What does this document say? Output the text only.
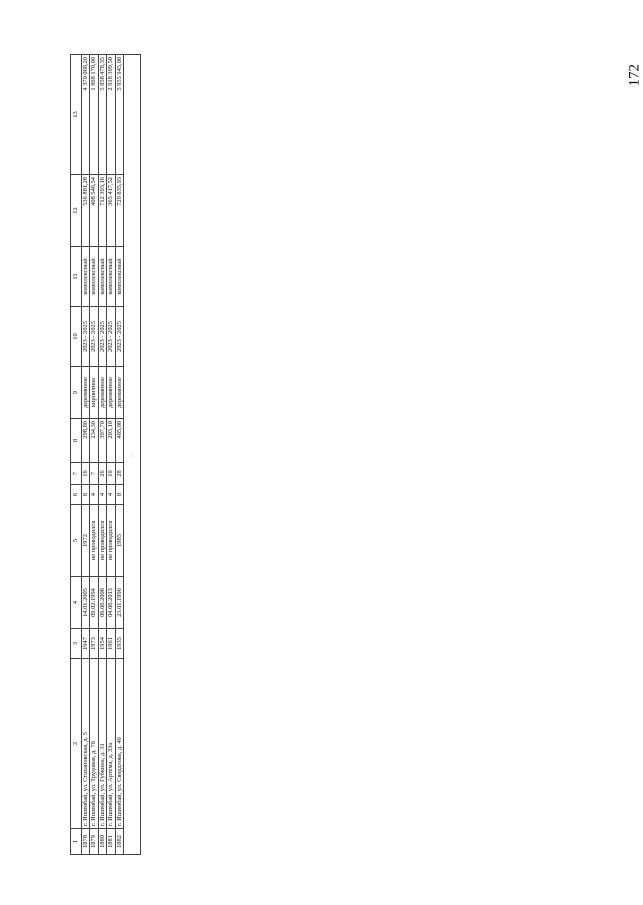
172
1	2	3	4	5	6	7	8	9	10	11	12	13
1878	г. Ишимбай, ул. Стахановская, д. 5	1947	14.01.2005	1972	8	16	298,80	деревянное	2023 - 2025	комплексный	536 881,28	4 370 068,20
1879	г. Ишимбай, ул. Трудовая, д. 70	1973	09.02.1994	не проводился	4	7	234,30	кирпичное	2023 - 2025	комплексный	408 546,54	1 868 170,00
1880	г. Ишимбай, ул. Губкина, д. 31	1954	06.06.2008	не проводился	4	26	397,70	деревянное	2023 - 2025	комплексный	712 393,16	5 858 478,35
1881	г. Ишимбай, ул. Артема, д. 33а	1961	04.06.2013	не проводился	4	10	203,10	деревянное	2023 - 2025	комплексный	365 417,52	2 918 399,50
1882	г. Ишимбай, ул. Свердлова, д. 40	1935	23.01.1996	1985	8	28	405,00	деревянное	2023 - 2025	комплексный	729 835,93	5 955 945,00
…												
